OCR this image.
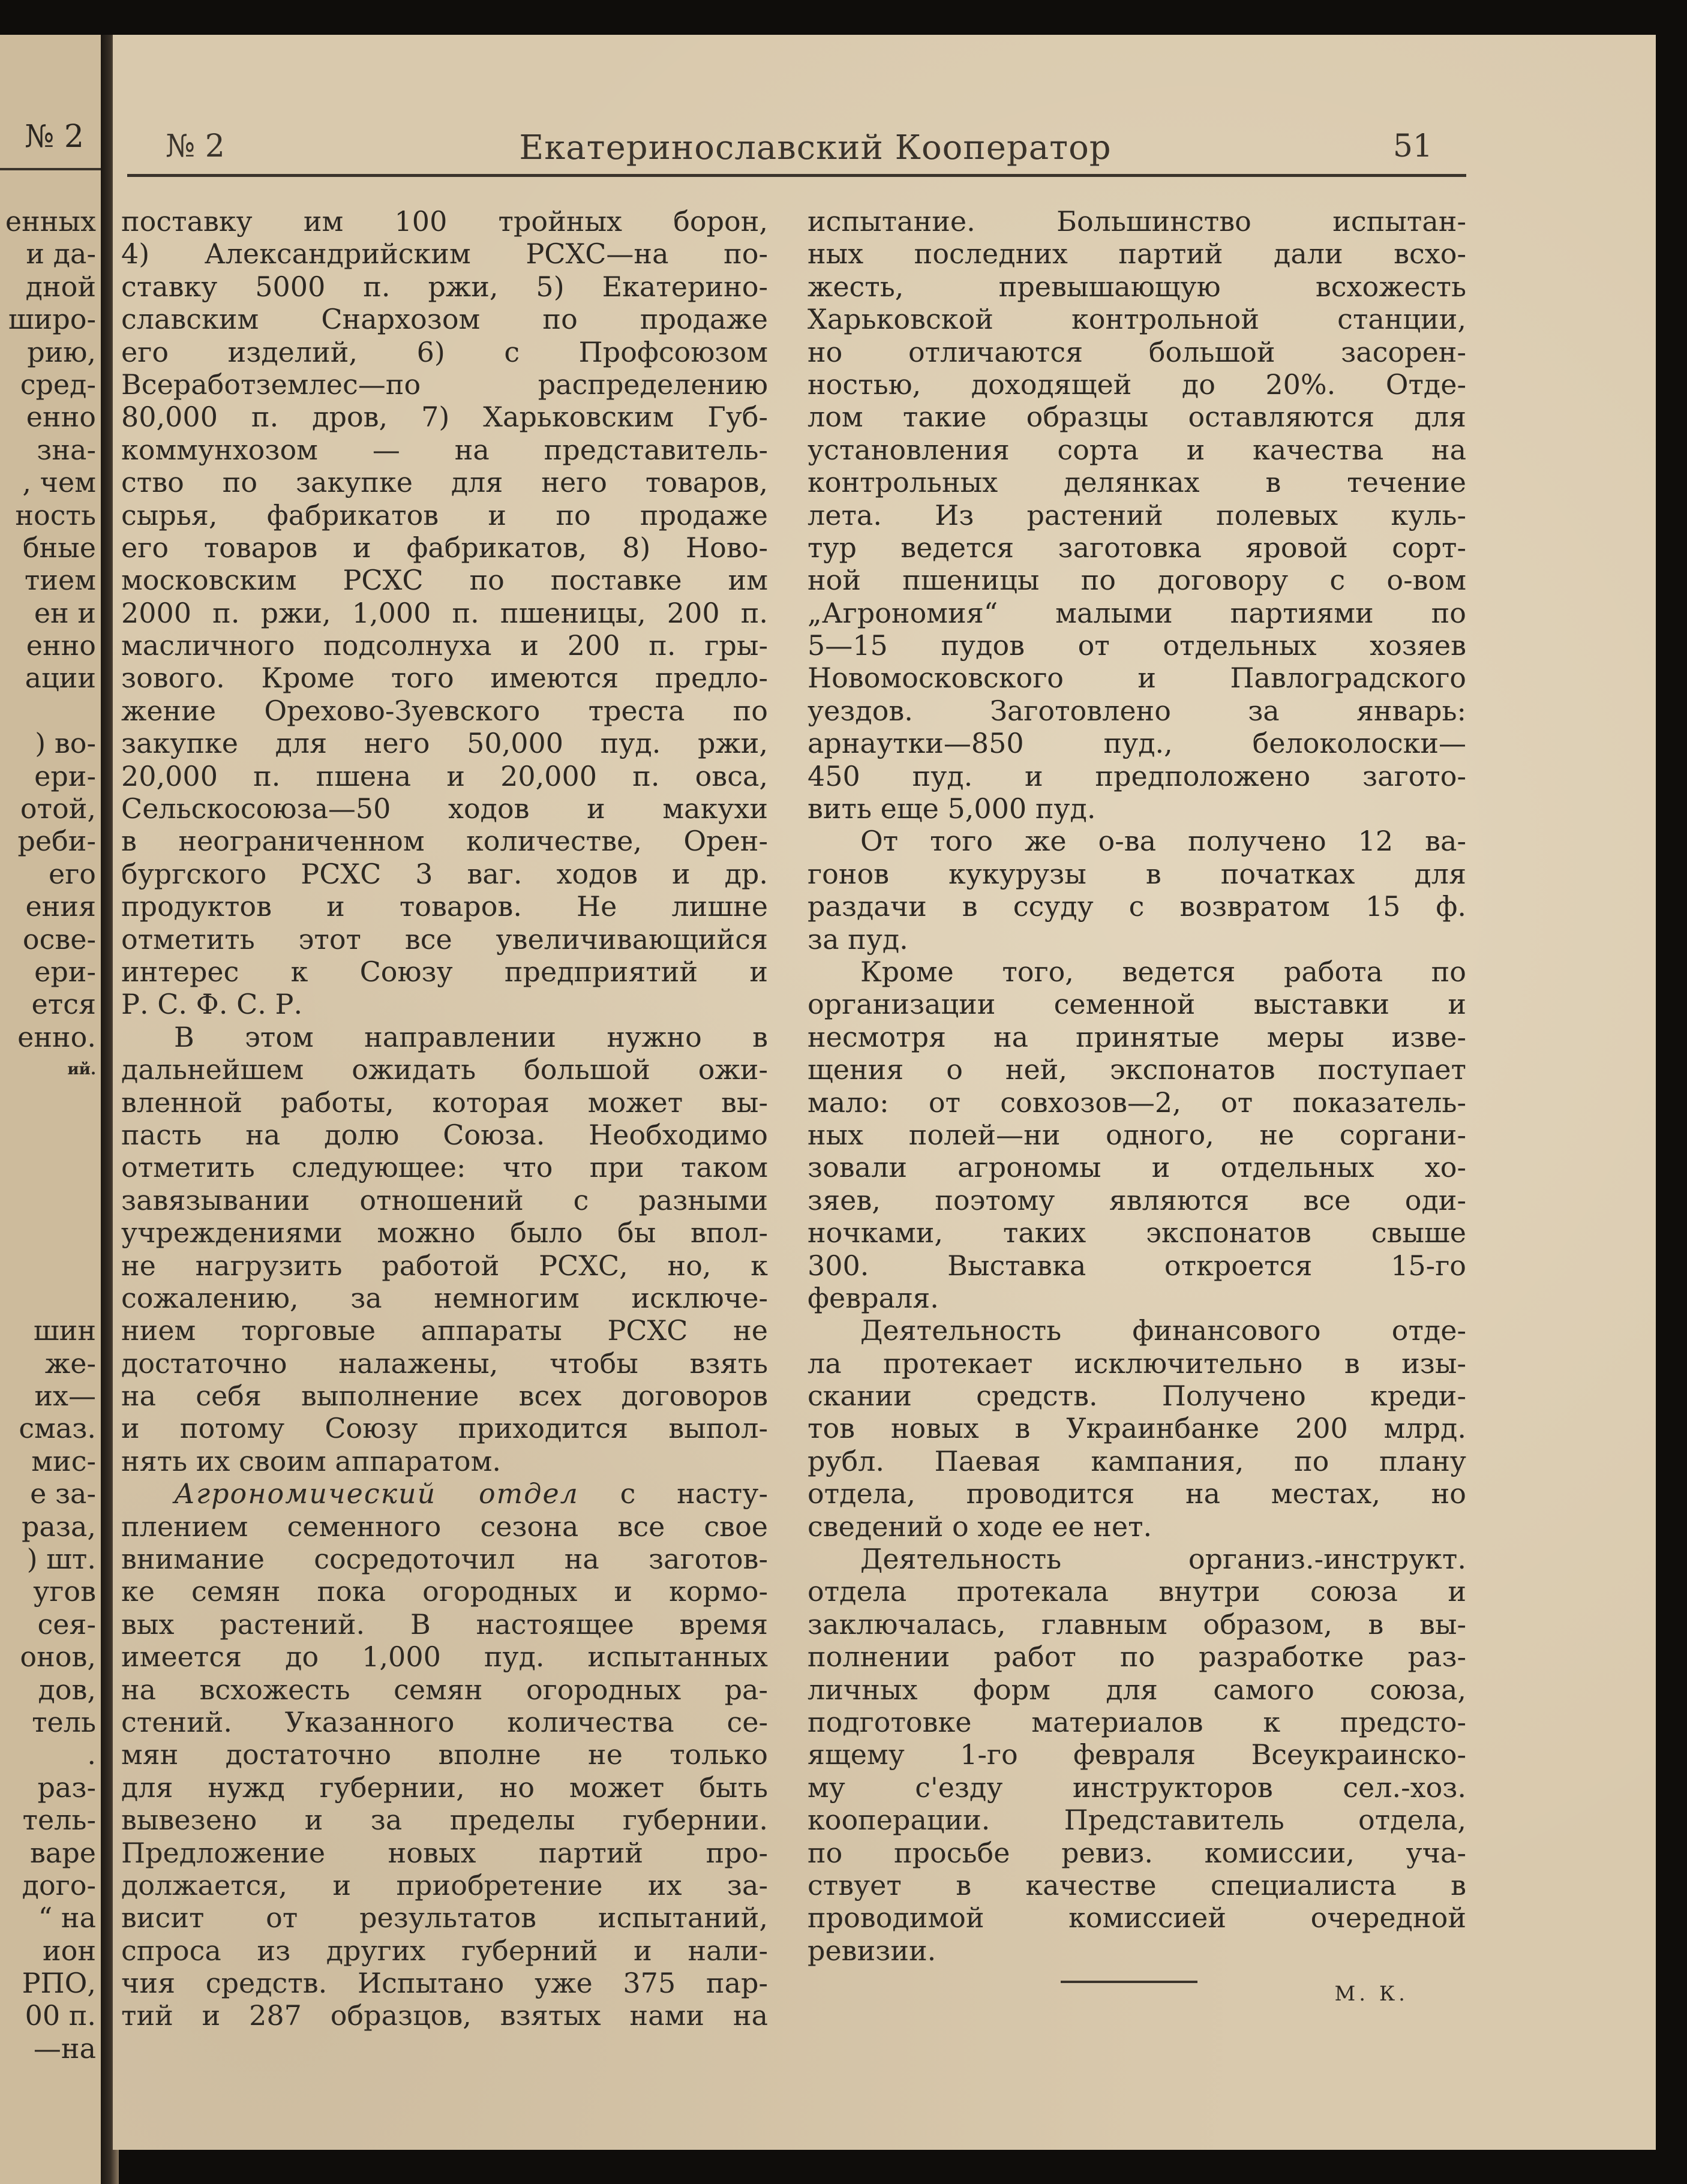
№ 2
енных
и да-
дной
широ-
рию,
сред-
енно
зна-
, чем
ность
бные
тием
ен и
енно
ации
) во-
ери-
отой,
реби-
его
ения
освe-
ери-
ется
енно.
ий.
шин
же-
их—
смаз.
мис-
е за-
раза,
) шт.
угов
сея-
онов,
дов,
тель
.
раз-
тель-
варе
дого-
“ на
ион
РПО,
00 п.
—на
№ 2	Екатеринославский Кооператор	51
поставку им 100 тройных борон,
4) Александрийским РСХС—на по-
ставку 5000 п. ржи, 5) Екатерино-
славским Снархозом по продаже
его изделий, 6) с Профсоюзом
Всеработземлес—по распределению
80,000 п. дров, 7) Харьковским Губ-
коммунхозом — на представитель-
ство по закупке для него товаров,
сырья, фабрикатов и по продаже
его товаров и фабрикатов, 8) Ново-
московским РСХС по поставке им
2000 п. ржи, 1,000 п. пшеницы, 200 п.
масличного подсолнуха и 200 п. гры-
зового. Кроме того имеются предло-
жение Орехово-Зуевского треста по
закупке для него 50,000 пуд. ржи,
20,000 п. пшена и 20,000 п. овса,
Сельскосоюза—50 ходов и макухи
в неограниченном количестве, Орен-
бургского РСХС 3 ваг. ходов и др.
продуктов и товаров. Не лишне
отметить этот все увеличивающийся
интерес к Союзу предприятий и
Р. С. Ф. С. Р.
В этом направлении нужно в
дальнейшем ожидать большой ожи-
вленной работы, которая может вы-
пасть на долю Союза. Необходимо
отметить следующее: что при таком
завязывании отношений с разными
учреждениями можно было бы впол-
не нагрузить работой РСХС, но, к
сожалению, за немногим исключе-
нием торговые аппараты РСХС не
достаточно налажены, чтобы взять
на себя выполнение всех договоров
и потому Союзу приходится выпол-
нять их своим аппаратом.
Агрономический отдел с насту-
плением семенного сезона все свое
внимание сосредоточил на заготов-
ке семян пока огородных и кормо-
вых растений. В настоящее время
имеется до 1,000 пуд. испытанных
на всхожесть семян огородных ра-
стений. Указанного количества се-
мян достаточно вполне не только
для нужд губернии, но может быть
вывезено и за пределы губернии.
Предложение новых партий про-
должается, и приобретение их за-
висит от результатов испытаний,
спроса из других губерний и нали-
чия средств. Испытано уже 375 пар-
тий и 287 образцов, взятых нами на
испытание. Большинство испытан-
ных последних партий дали всхо-
жесть, превышающую всхожесть
Харьковской контрольной станции,
но отличаются большой засорен-
ностью, доходящей до 20%. Отде-
лом такие образцы оставляются для
установления сорта и качества на
контрольных делянках в течение
лета. Из растений полевых куль-
тур ведется заготовка яровой сорт-
ной пшеницы по договору с о-вом
„Агрономия“ малыми партиями по
5—15 пудов от отдельных хозяев
Новомосковского и Павлоградского
уездов. Заготовлено за январь:
арнаутки—850 пуд., белоколоски—
450 пуд. и предположено загото-
вить еще 5,000 пуд.
От того же о-ва получено 12 ва-
гонов кукурузы в початках для
раздачи в ссуду с возвратом 15 ф.
за пуд.
Кроме того, ведется работа по
организации семенной выставки и
несмотря на принятые меры изве-
щения о ней, экспонатов поступает
мало: от совхозов—2, от показатель-
ных полей—ни одного, не соргани-
зовали агрономы и отдельных хо-
зяев, поэтому являются все оди-
ночками, таких экспонатов свыше
300. Выставка откроется 15-го
февраля.
Деятельность финансового отде-
ла протекает исключительно в изы-
скании средств. Получено креди-
тов новых в Украинбанке 200 млрд.
рубл. Паевая кампания, по плану
отдела, проводится на местах, но
сведений о ходе ее нет.
Деятельность организ.-инструкт.
отдела протекала внутри союза и
заключалась, главным образом, в вы-
полнении работ по разработке раз-
личных форм для самого союза,
подготовке материалов к предсто-
ящему 1-го февраля Всеукраинско-
му с'езду инструкторов сел.-хоз.
кооперации. Представитель отдела,
по просьбе ревиз. комиссии, уча-
ствует в качестве специалиста в
проводимой комиссией очередной
ревизии.
М. К.
